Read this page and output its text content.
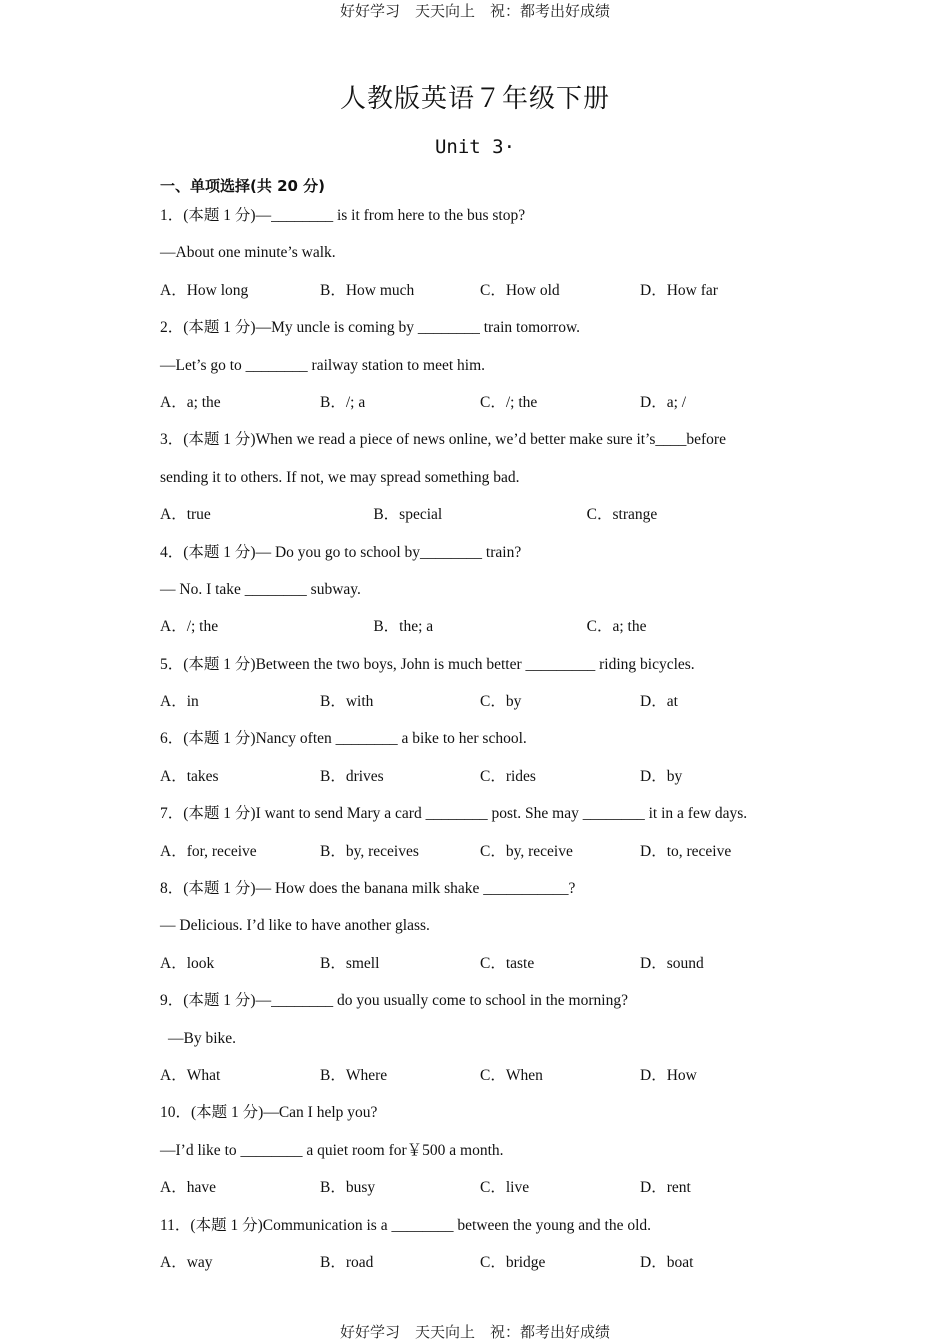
好好学习　天天向上　祝：都考出好成绩
人教版英语７年级下册
Unit 3·
一、单项选择(共 20 分)
1．(本题 1 分)—________ is it from here to the bus stop?
—About one minute’s walk.
A．How long	B．How much	C．How old	D．How far
2．(本题 1 分)—My uncle is coming by ________ train tomorrow.
—Let’s go to ________ railway station to meet him.
A．a; the	B．/; a	C．/; the	D．a; /
3．(本题 1 分)When we read a piece of news online, we’d better make sure it’s____before
sending it to others. If not, we may spread something bad.
A．true	B．special	C．strange
4．(本题 1 分)— Do you go to school by________ train?
— No. I take ________ subway.
A．/; the	B．the; a	C．a; the
5．(本题 1 分)Between the two boys, John is much better _________ riding bicycles.
A．in	B．with	C．by	D．at
6．(本题 1 分)Nancy often ________ a bike to her school.
A．takes	B．drives	C．rides	D．by
7．(本题 1 分)I want to send Mary a card ________ post. She may ________ it in a few days.
A．for, receive	B．by, receives	C．by, receive	D．to, receive
8．(本题 1 分)— How does the banana milk shake ___________?
— Delicious. I’d like to have another glass.
A．look	B．smell	C．taste	D．sound
9．(本题 1 分)—________ do you usually come to school in the morning?
—By bike.
A．What	B．Where	C．When	D．How
10．(本题 1 分)—Can I help you?
—I’d like to ________ a quiet room for￥500 a month.
A．have	B．busy	C．live	D．rent
11．(本题 1 分)Communication is a ________ between the young and the old.
A．way	B．road	C．bridge	D．boat
好好学习　天天向上　祝：都考出好成绩
